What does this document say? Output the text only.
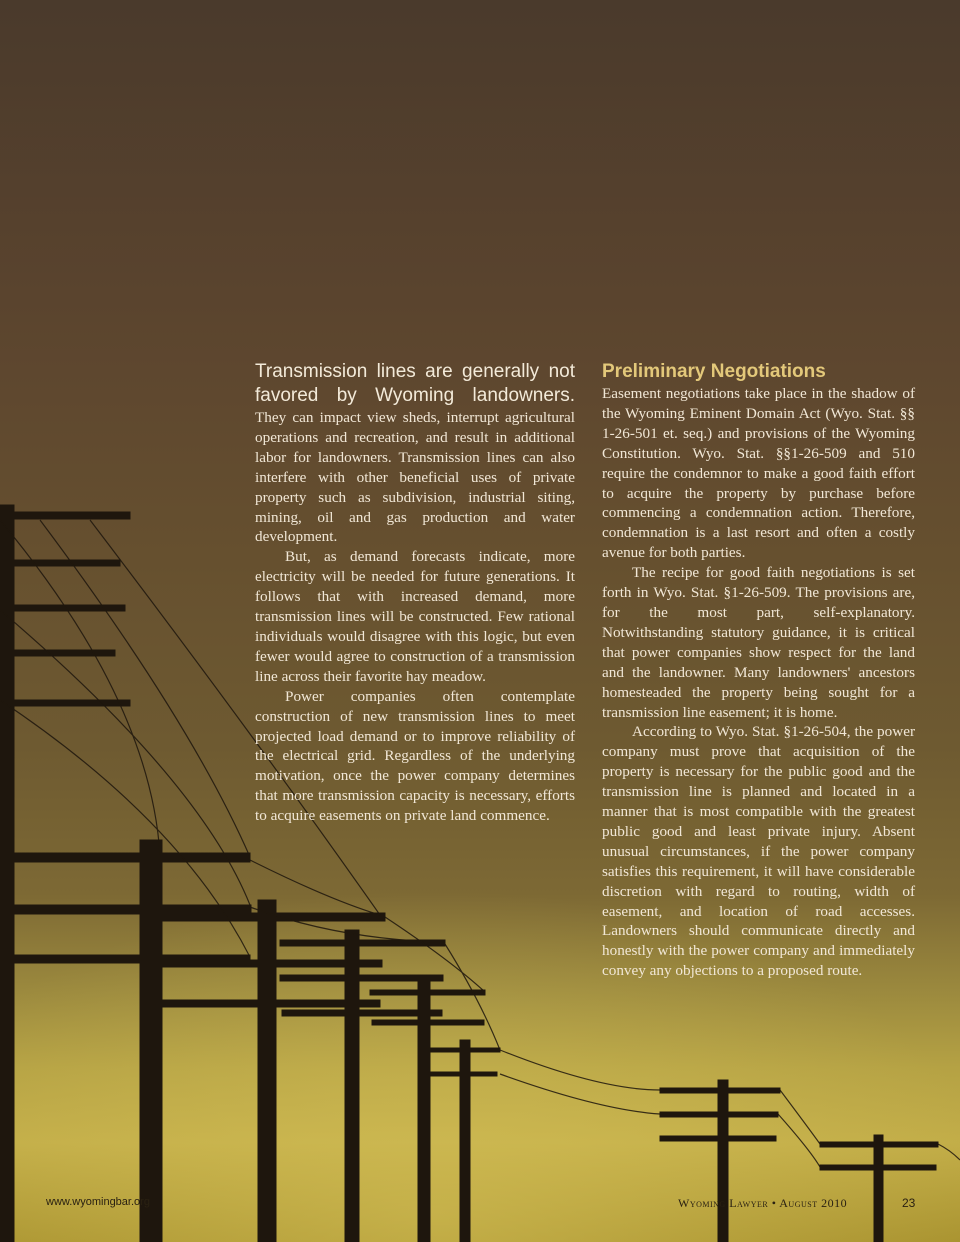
Transmission lines are generally not
favored by Wyoming landowners.

They can impact view sheds, interrupt agricultural operations and recreation, and result in additional labor for landowners. Transmission lines can also interfere with other beneficial uses of private property such as subdivision, industrial siting, mining, oil and gas production and water development.

But, as demand forecasts indicate, more electricity will be needed for future generations. It follows that with increased demand, more transmission lines will be constructed. Few rational individuals would disagree with this logic, but even fewer would agree to construction of a transmission line across their favorite hay meadow.

Power companies often contemplate construction of new transmission lines to meet projected load demand or to improve reliability of the electrical grid. Regardless of the underlying motivation, once the power company determines that more transmission capacity is necessary, efforts to acquire easements on private land commence.

Preliminary Negotiations

Easement negotiations take place in the shadow of the Wyoming Eminent Domain Act (Wyo. Stat. §§ 1-26-501 et. seq.) and provisions of the Wyoming Constitution. Wyo. Stat. §§1-26-509 and 510 require the condemnor to make a good faith effort to acquire the property by purchase before commencing a condemnation action. Therefore, condemnation is a last resort and often a costly avenue for both parties.

The recipe for good faith negotiations is set forth in Wyo. Stat. §1-26-509. The provisions are, for the most part, self-explanatory. Notwithstanding statutory guidance, it is critical that power companies show respect for the land and the landowner. Many landowners' ancestors homesteaded the property being sought for a transmission line easement; it is home.

According to Wyo. Stat. §1-26-504, the power company must prove that acquisition of the property is necessary for the public good and the transmission line is planned and located in a manner that is most compatible with the greatest public good and least private injury. Absent unusual circumstances, if the power company satisfies this requirement, it will have considerable discretion with regard to routing, width of easement, and location of road accesses. Landowners should communicate directly and honestly with the power company and immediately convey any objections to a proposed route.

www.wyomingbar.org	Wyoming Lawyer • August 2010	23
